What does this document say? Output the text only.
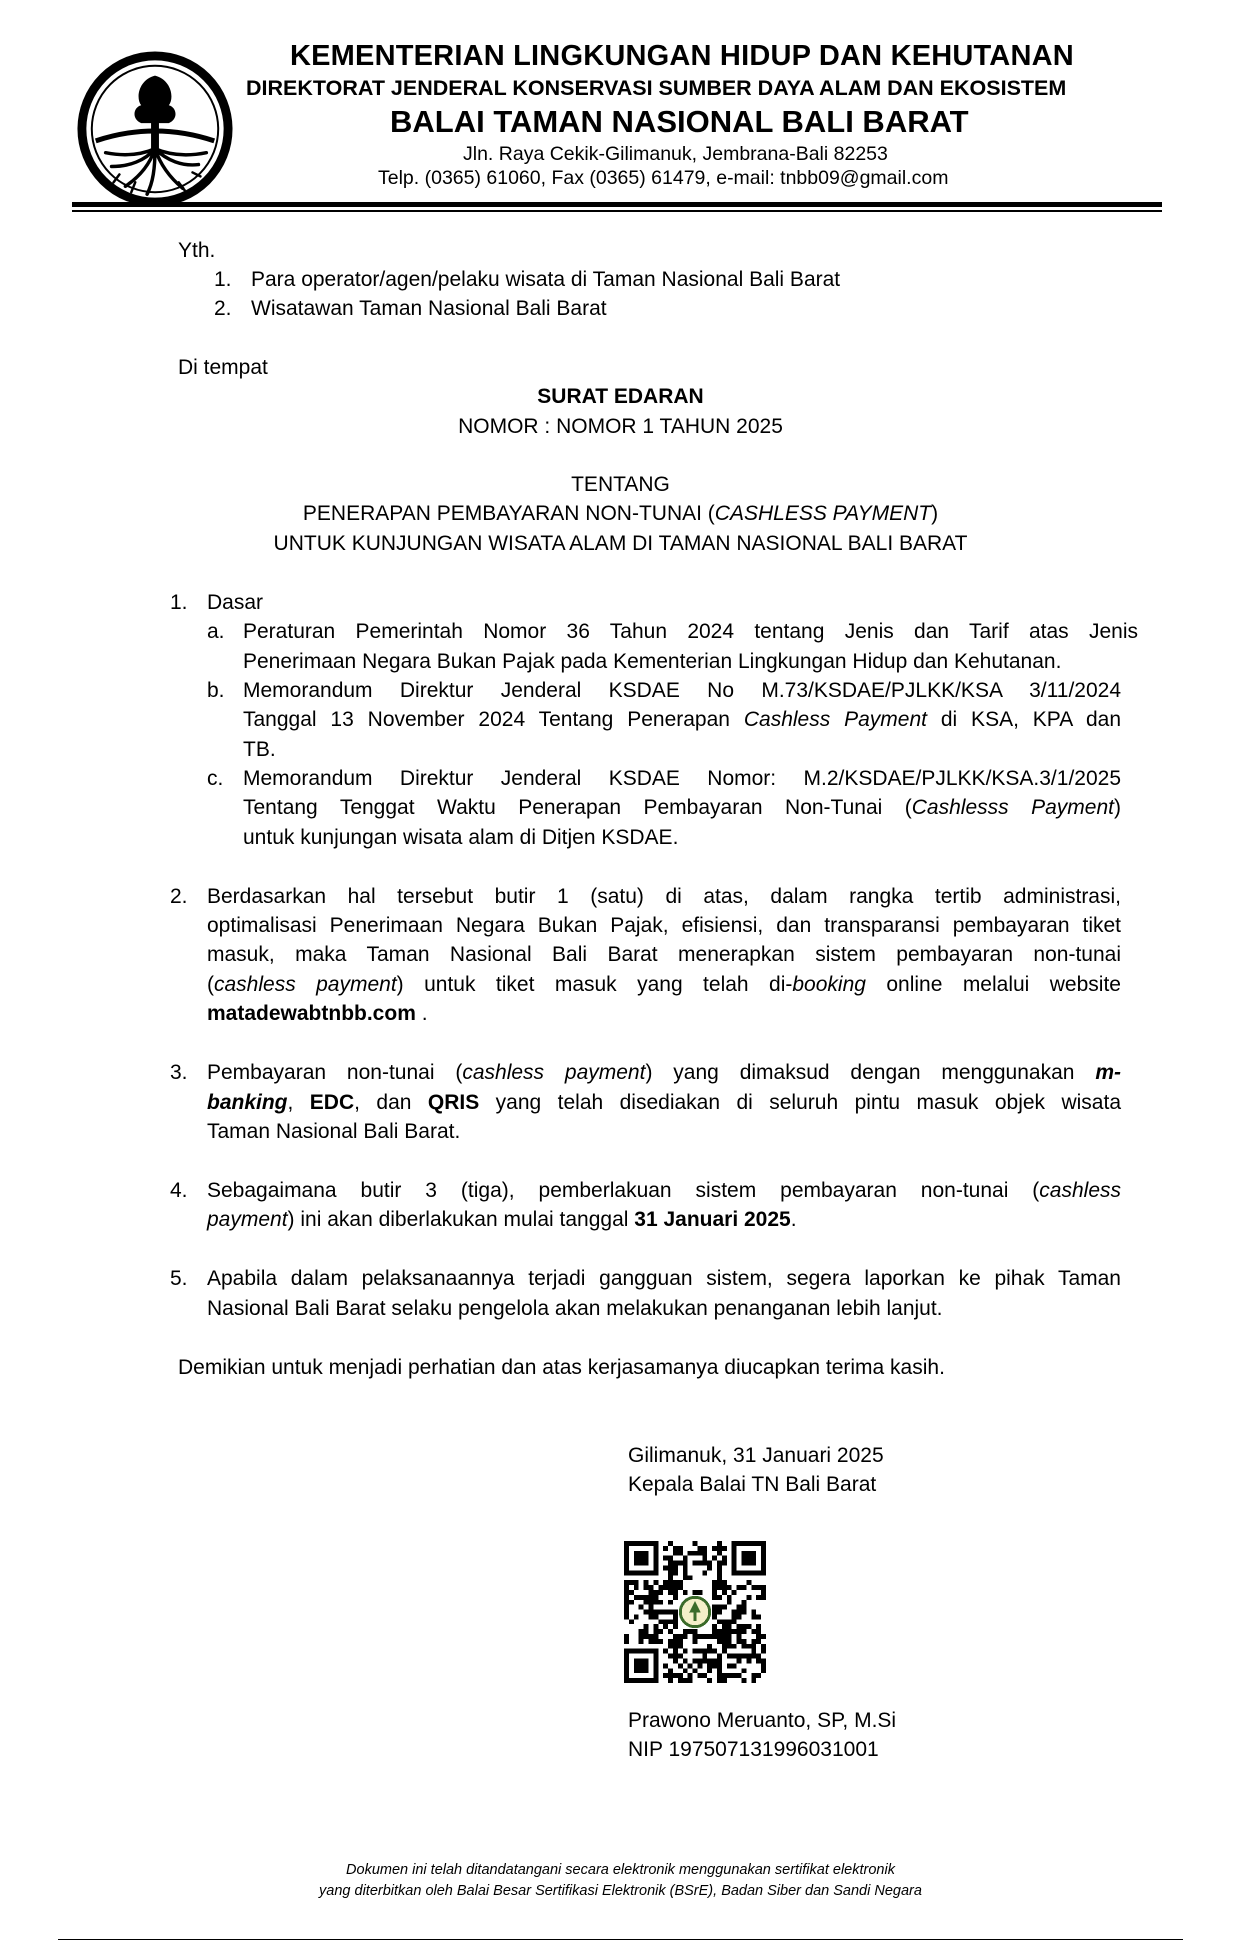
KEMENTERIAN LINGKUNGAN HIDUP DAN KEHUTANAN
DIREKTORAT JENDERAL KONSERVASI SUMBER DAYA ALAM DAN EKOSISTEM
BALAI TAMAN NASIONAL BALI BARAT
Jln. Raya Cekik-Gilimanuk, Jembrana-Bali 82253
Telp. (0365) 61060, Fax (0365) 61479, e-mail: tnbb09@gmail.com
Yth.
1. Para operator/agen/pelaku wisata di Taman Nasional Bali Barat
2. Wisatawan Taman Nasional Bali Barat
Di tempat
SURAT EDARAN
NOMOR : NOMOR 1 TAHUN 2025
TENTANG
PENERAPAN PEMBAYARAN NON-TUNAI (CASHLESS PAYMENT)
UNTUK KUNJUNGAN WISATA ALAM DI TAMAN NASIONAL BALI BARAT
1. Dasar
a. Peraturan Pemerintah Nomor 36 Tahun 2024 tentang Jenis dan Tarif atas Jenis
Penerimaan Negara Bukan Pajak pada Kementerian Lingkungan Hidup dan Kehutanan.
b. Memorandum Direktur Jenderal KSDAE No M.73/KSDAE/PJLKK/KSA 3/11/2024
Tanggal 13 November 2024 Tentang Penerapan Cashless Payment di KSA, KPA dan
TB.
c. Memorandum Direktur Jenderal KSDAE Nomor: M.2/KSDAE/PJLKK/KSA.3/1/2025
Tentang Tenggat Waktu Penerapan Pembayaran Non-Tunai (Cashlesss Payment)
untuk kunjungan wisata alam di Ditjen KSDAE.
2. Berdasarkan hal tersebut butir 1 (satu) di atas, dalam rangka tertib administrasi,
optimalisasi Penerimaan Negara Bukan Pajak, efisiensi, dan transparansi pembayaran tiket
masuk, maka Taman Nasional Bali Barat menerapkan sistem pembayaran non-tunai
(cashless payment) untuk tiket masuk yang telah di-booking online melalui website
matadewabtnbb.com .
3. Pembayaran non-tunai (cashless payment) yang dimaksud dengan menggunakan m-
banking, EDC, dan QRIS yang telah disediakan di seluruh pintu masuk objek wisata
Taman Nasional Bali Barat.
4. Sebagaimana butir 3 (tiga), pemberlakuan sistem pembayaran non-tunai (cashless
payment) ini akan diberlakukan mulai tanggal 31 Januari 2025.
5. Apabila dalam pelaksanaannya terjadi gangguan sistem, segera laporkan ke pihak Taman
Nasional Bali Barat selaku pengelola akan melakukan penanganan lebih lanjut.
Demikian untuk menjadi perhatian dan atas kerjasamanya diucapkan terima kasih.
Gilimanuk, 31 Januari 2025
Kepala Balai TN Bali Barat
Prawono Meruanto, SP, M.Si
NIP 197507131996031001
Dokumen ini telah ditandatangani secara elektronik menggunakan sertifikat elektronik
yang diterbitkan oleh Balai Besar Sertifikasi Elektronik (BSrE), Badan Siber dan Sandi Negara
